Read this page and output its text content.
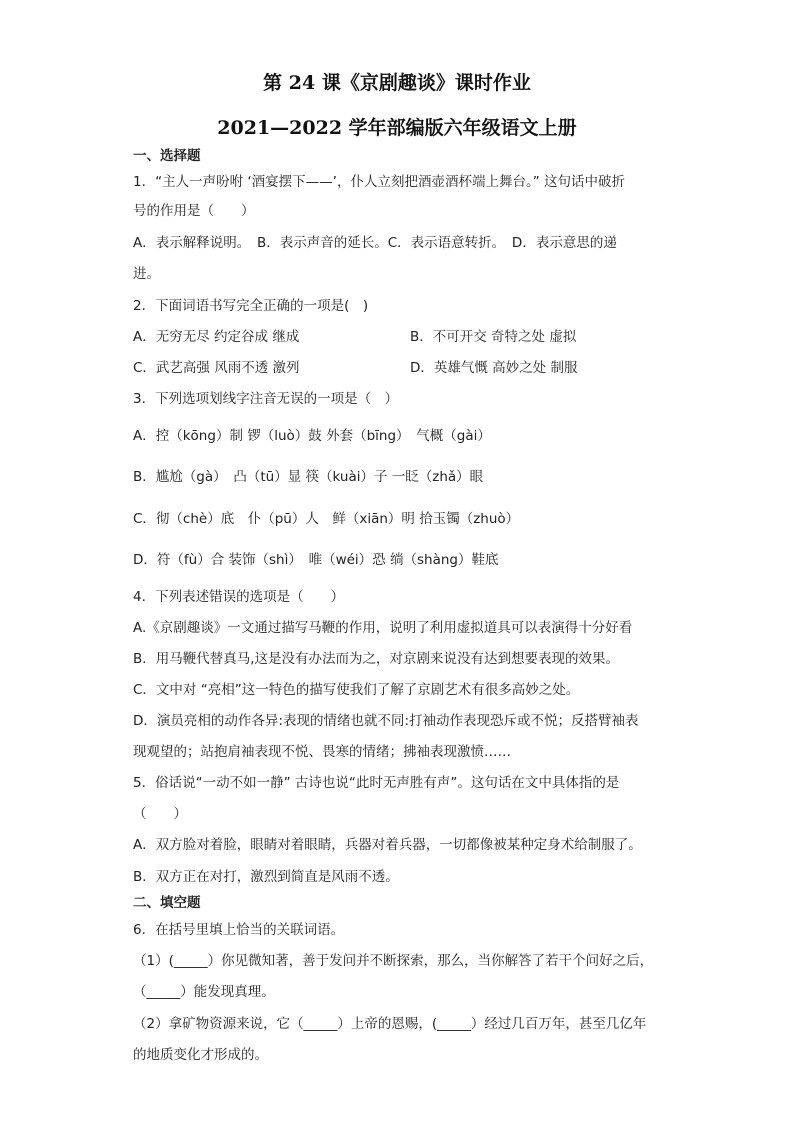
第 24 课《京剧趣谈》课时作业
2021—2022 学年部编版六年级语文上册
一、选择题
1．“主人一声吩咐 ‘酒宴摆下——’，仆人立刻把酒壶酒杯端上舞台。” 这句话中破折
号的作用是（　　）
A．表示解释说明。　B．表示声音的延长。C．表示语意转折。　D．表示意思的递
进。
2．下面词语书写完全正确的一项是(　)
A．无穷无尽 约定谷成 继成	B．不可开交 奇特之处 虚拟
C．武艺高强 风雨不透 激列	D．英雄气慨 高妙之处 制服
3．下列选项划线字注音无误的一项是（　）
A．控（kōng）制 锣（luò）鼓 外套（bīng）　气概（gài）
B．尴尬（gà）　凸（tū）显 筷（kuài）子 一眨（zhǎ）眼
C．彻（chè）底　仆（pū）人　鲜（xiān）明 拾玉镯（zhuò）
D．符（fù）合 装饰（shì）　唯（wéi）恐 绱（shàng）鞋底
4．下列表述错误的选项是（　　）
A.《京剧趣谈》一文通过描写马鞭的作用，说明了利用虚拟道具可以表演得十分好看
B．用马鞭代替真马,这是没有办法而为之，对京剧来说没有达到想要表现的效果。
C．文中对 “亮相”这一特色的描写使我们了解了京剧艺术有很多高妙之处。
D．演员亮相的动作各异:表现的情绪也就不同:打袖动作表现恐斥或不悦；反搭臂袖表
现观望的；站抱肩袖表现不悦、畏寒的情绪；拂袖表现激愤……
5．俗话说“一动不如一静” 古诗也说“此时无声胜有声”。这句话在文中具体指的是
（　　）
A．双方脸对着脸，眼睛对着眼睛，兵器对着兵器，一切都像被某种定身术给制服了。
B．双方正在对打，激烈到简直是风雨不透。
二、填空题
6．在括号里填上恰当的关联词语。
（1）(_____）你见微知著，善于发问并不断探索，那么，当你解答了若干个问好之后，
（_____）能发现真理。
（2）拿矿物资源来说，它（_____）上帝的恩赐，(_____）经过几百万年，甚至几亿年
的地质变化才形成的。
